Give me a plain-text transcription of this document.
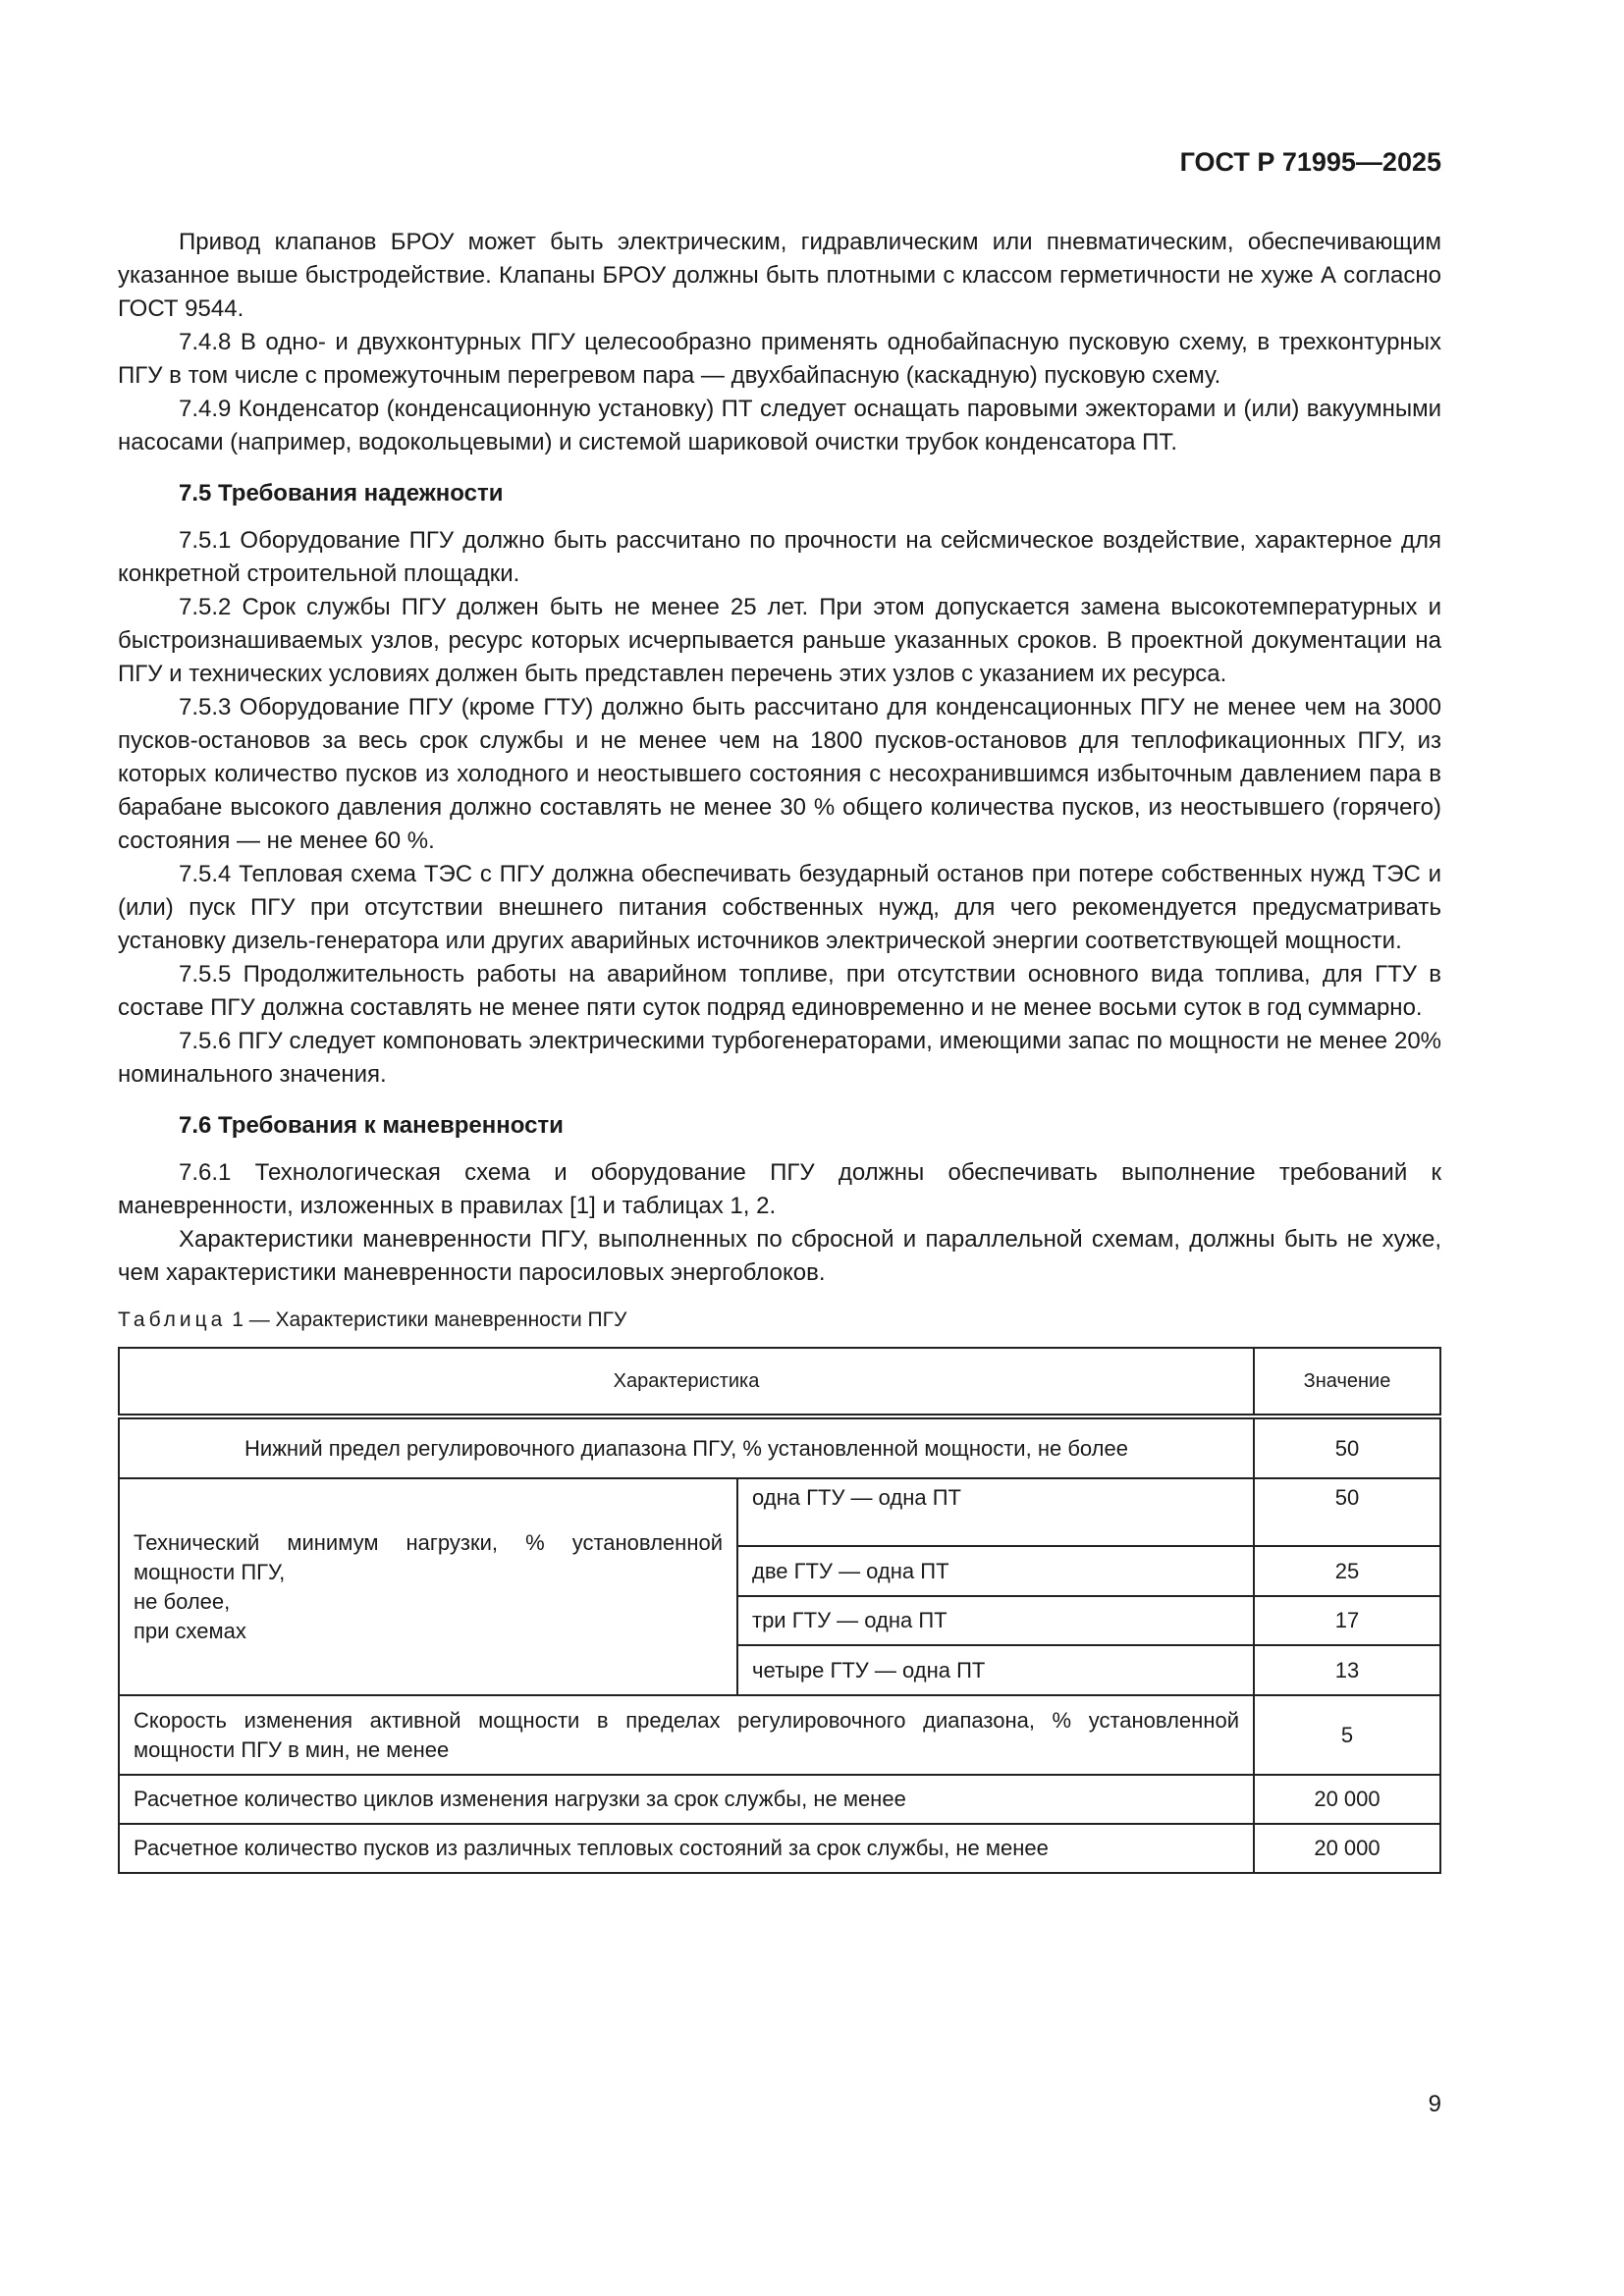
ГОСТ Р 71995—2025

Привод клапанов БРОУ может быть электрическим, гидравлическим или пневматическим, обеспечивающим указанное выше быстродействие. Клапаны БРОУ должны быть плотными с классом герметичности не хуже А согласно ГОСТ 9544.

7.4.8 В одно- и двухконтурных ПГУ целесообразно применять однобайпасную пусковую схему, в трехконтурных ПГУ в том числе с промежуточным перегревом пара — двухбайпасную (каскадную) пусковую схему.

7.4.9 Конденсатор (конденсационную установку) ПТ следует оснащать паровыми эжекторами и (или) вакуумными насосами (например, водокольцевыми) и системой шариковой очистки трубок конденсатора ПТ.

7.5 Требования надежности

7.5.1 Оборудование ПГУ должно быть рассчитано по прочности на сейсмическое воздействие, характерное для конкретной строительной площадки.

7.5.2 Срок службы ПГУ должен быть не менее 25 лет. При этом допускается замена высокотемпературных и быстроизнашиваемых узлов, ресурс которых исчерпывается раньше указанных сроков. В проектной документации на ПГУ и технических условиях должен быть представлен перечень этих узлов с указанием их ресурса.

7.5.3 Оборудование ПГУ (кроме ГТУ) должно быть рассчитано для конденсационных ПГУ не менее чем на 3000 пусков-остановов за весь срок службы и не менее чем на 1800 пусков-остановов для теплофикационных ПГУ, из которых количество пусков из холодного и неостывшего состояния с несохранившимся избыточным давлением пара в барабане высокого давления должно составлять не менее 30 % общего количества пусков, из неостывшего (горячего) состояния — не менее 60 %.

7.5.4 Тепловая схема ТЭС с ПГУ должна обеспечивать безударный останов при потере собственных нужд ТЭС и (или) пуск ПГУ при отсутствии внешнего питания собственных нужд, для чего рекомендуется предусматривать установку дизель-генератора или других аварийных источников электрической энергии соответствующей мощности.

7.5.5 Продолжительность работы на аварийном топливе, при отсутствии основного вида топлива, для ГТУ в составе ПГУ должна составлять не менее пяти суток подряд единовременно и не менее восьми суток в год суммарно.

7.5.6 ПГУ следует компоновать электрическими турбогенераторами, имеющими запас по мощности не менее 20% номинального значения.

7.6 Требования к маневренности

7.6.1 Технологическая схема и оборудование ПГУ должны обеспечивать выполнение требований к маневренности, изложенных в правилах [1] и таблицах 1, 2.

Характеристики маневренности ПГУ, выполненных по сбросной и параллельной схемам, должны быть не хуже, чем характеристики маневренности паросиловых энергоблоков.

Таблица 1 — Характеристики маневренности ПГУ
Характеристика		Значение
Нижний предел регулировочного диапазона ПГУ, % установленной мощности, не более		50

Технический минимум нагрузки, % установленной
мощности ПГУ,
не более,
при схемах	одна ГТУ — одна ПТ	50
	две ГТУ — одна ПТ	25
	три ГТУ — одна ПТ	17
	четыре ГТУ — одна ПТ	13
Скорость изменения активной мощности в пределах регулировочного диапазона, % установленной мощности ПГУ в мин, не менее		5
Расчетное количество циклов изменения нагрузки за срок службы, не менее		20 000
Расчетное количество пусков из различных тепловых состояний за срок службы, не менее		20 000
9
